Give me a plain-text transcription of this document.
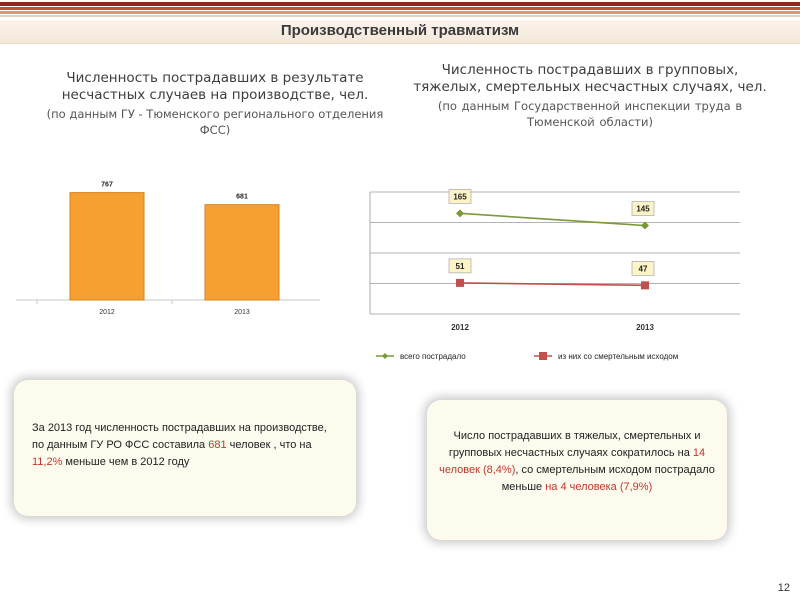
Производственный травматизм
Численность пострадавших в результате несчастных случаев на производстве, чел.
(по данным ГУ - Тюменского регионального отделения ФСС)
Численность пострадавших в групповых, тяжелых, смертельных несчастных случаях, чел.
(по данным Государственной инспекции труда в Тюменской области)
767
2012
681
2013
2012	2013
165
145
51	47
всего пострадало	из них со смертельным исходом
За 2013 год численность пострадавших на производстве, по данным ГУ РО ФСС составила 681 человек , что на 11,2% меньше чем в 2012 году
Число пострадавших в тяжелых, смертельных и групповых несчастных случаях сократилось на 14 человек (8,4%), со смертельным исходом пострадало меньше на 4 человека (7,9%)
12
